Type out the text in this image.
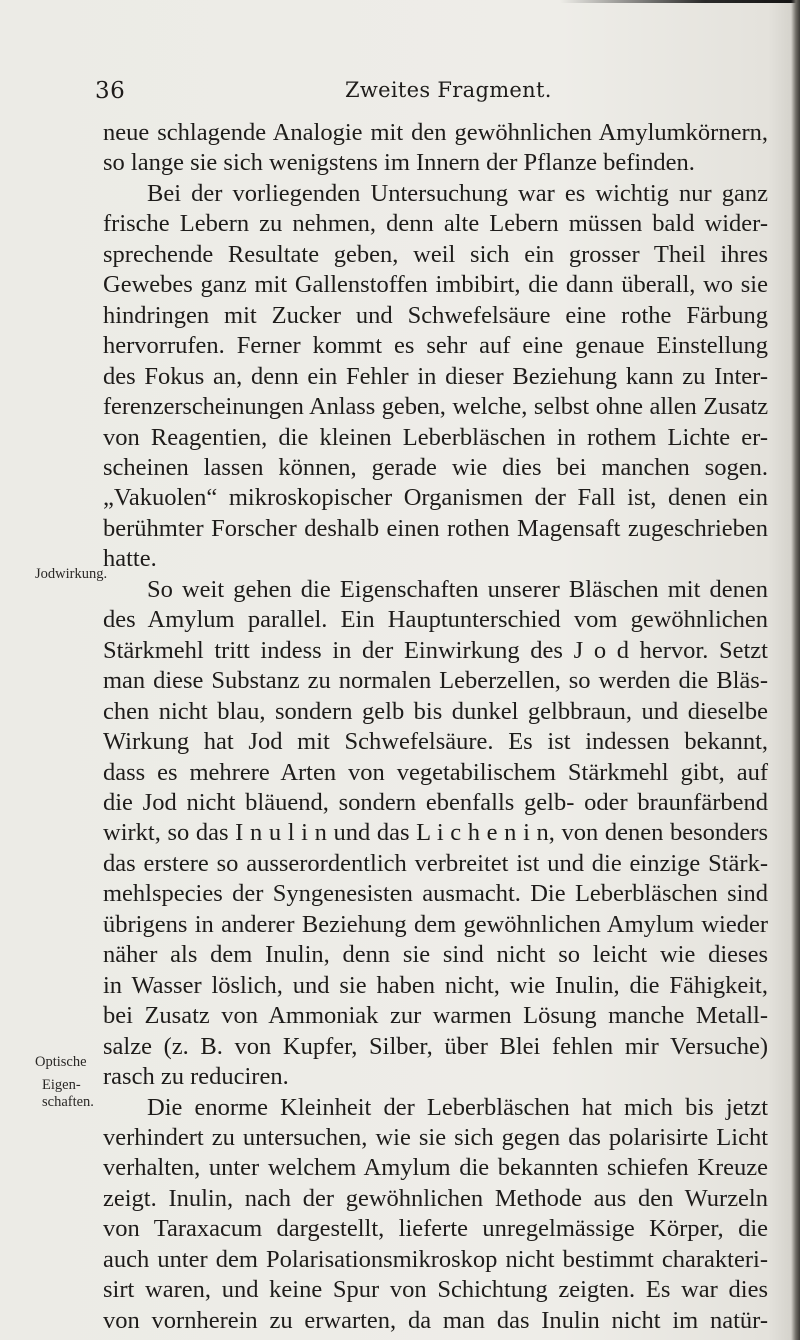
36	Zweites Fragment.
Jodwirkung.
Optische
Eigen-
schaften.
neue schlagende Analogie mit den gewöhnlichen Amylumkörnern,
so lange sie sich wenigstens im Innern der Pflanze befinden.
Bei der vorliegenden Untersuchung war es wichtig nur ganz
frische Lebern zu nehmen, denn alte Lebern müssen bald wider-
sprechende Resultate geben, weil sich ein grosser Theil ihres
Gewebes ganz mit Gallenstoffen imbibirt, die dann überall, wo sie
hindringen mit Zucker und Schwefelsäure eine rothe Färbung
hervorrufen. Ferner kommt es sehr auf eine genaue Einstellung
des Fokus an, denn ein Fehler in dieser Beziehung kann zu Inter-
ferenzerscheinungen Anlass geben, welche, selbst ohne allen Zusatz
von Reagentien, die kleinen Leberbläschen in rothem Lichte er-
scheinen lassen können, gerade wie dies bei manchen sogen.
„Vakuolen“ mikroskopischer Organismen der Fall ist, denen ein
berühmter Forscher deshalb einen rothen Magensaft zugeschrieben
hatte.
So weit gehen die Eigenschaften unserer Bläschen mit denen
des Amylum parallel. Ein Hauptunterschied vom gewöhnlichen
Stärkmehl tritt indess in der Einwirkung des J o d hervor. Setzt
man diese Substanz zu normalen Leberzellen, so werden die Bläs-
chen nicht blau, sondern gelb bis dunkel gelbbraun, und dieselbe
Wirkung hat Jod mit Schwefelsäure. Es ist indessen bekannt,
dass es mehrere Arten von vegetabilischem Stärkmehl gibt, auf
die Jod nicht bläuend, sondern ebenfalls gelb- oder braunfärbend
wirkt, so das I n u l i n und das L i c h e n i n, von denen besonders
das erstere so ausserordentlich verbreitet ist und die einzige Stärk-
mehlspecies der Syngenesisten ausmacht. Die Leberbläschen sind
übrigens in anderer Beziehung dem gewöhnlichen Amylum wieder
näher als dem Inulin, denn sie sind nicht so leicht wie dieses
in Wasser löslich, und sie haben nicht, wie Inulin, die Fähigkeit,
bei Zusatz von Ammoniak zur warmen Lösung manche Metall-
salze (z. B. von Kupfer, Silber, über Blei fehlen mir Versuche)
rasch zu reduciren.
Die enorme Kleinheit der Leberbläschen hat mich bis jetzt
verhindert zu untersuchen, wie sie sich gegen das polarisirte Licht
verhalten, unter welchem Amylum die bekannten schiefen Kreuze
zeigt. Inulin, nach der gewöhnlichen Methode aus den Wurzeln
von Taraxacum dargestellt, lieferte unregelmässige Körper, die
auch unter dem Polarisationsmikroskop nicht bestimmt charakteri-
sirt waren, und keine Spur von Schichtung zeigten. Es war dies
von vornherein zu erwarten, da man das Inulin nicht im natür-
